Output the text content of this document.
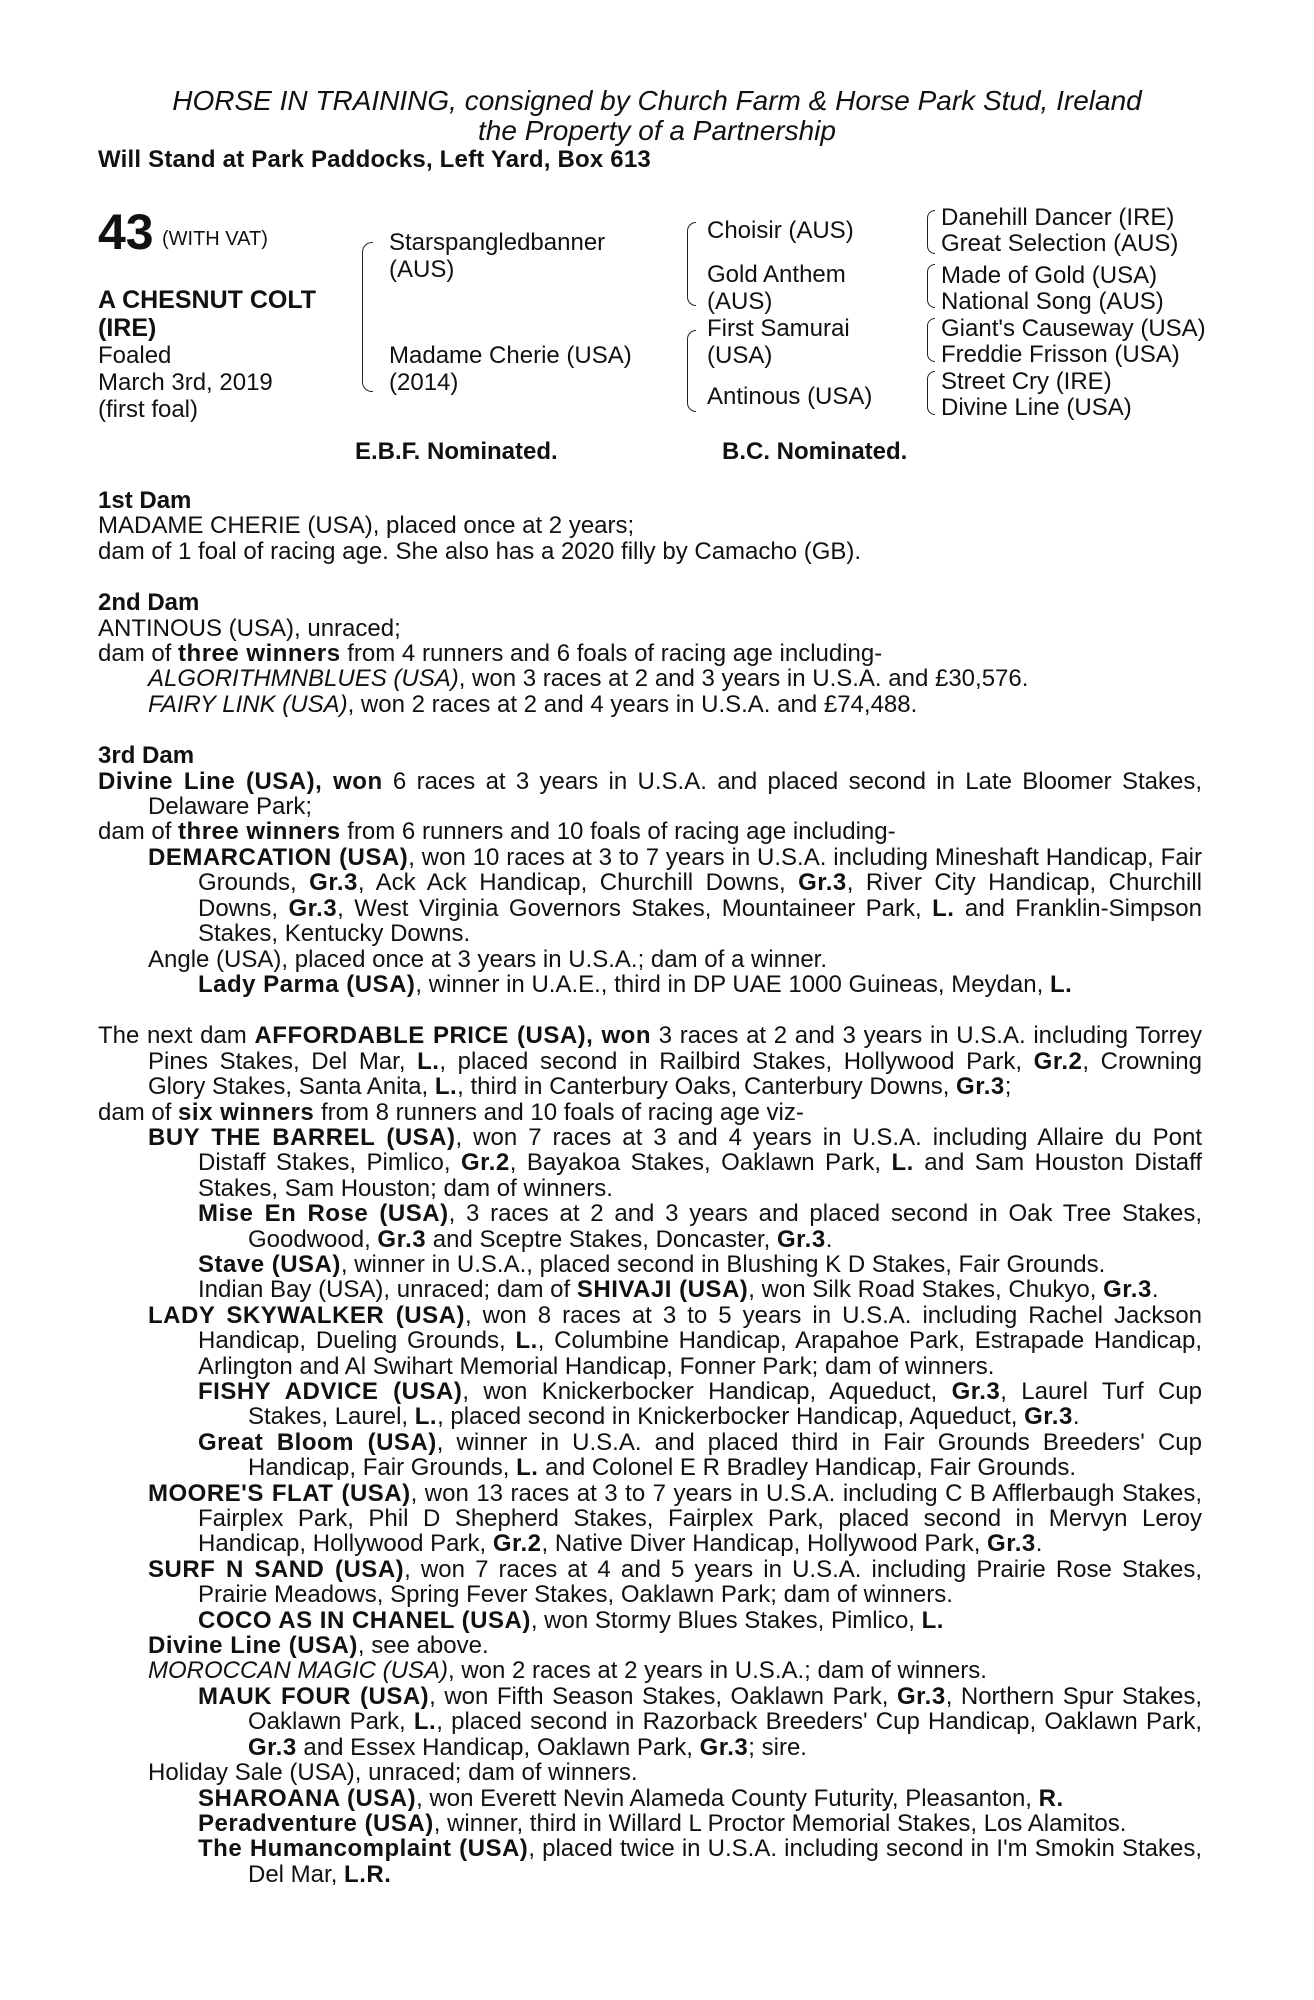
HORSE IN TRAINING, consigned by Church Farm & Horse Park Stud, Ireland
the Property of a Partnership
Will Stand at Park Paddocks, Left Yard, Box 613
43 (WITH VAT)
A CHESNUT COLT
(IRE)
Foaled
March 3rd, 2019
(first foal)
Starspangledbanner
(AUS)
Madame Cherie (USA)
(2014)
Choisir (AUS)
Gold Anthem
(AUS)
First Samurai
(USA)
Antinous (USA)
Danehill Dancer (IRE)
Great Selection (AUS)
Made of Gold (USA)
National Song (AUS)
Giant's Causeway (USA)
Freddie Frisson (USA)
Street Cry (IRE)
Divine Line (USA)
E.B.F. Nominated.	B.C. Nominated.

1st Dam

MADAME CHERIE (USA), placed once at 2 years;

dam of 1 foal of racing age. She also has a 2020 filly by Camacho (GB).

2nd Dam

ANTINOUS (USA), unraced;

dam of three winners from 4 runners and 6 foals of racing age including-

ALGORITHMNBLUES (USA), won 3 races at 2 and 3 years in U.S.A. and £30,576.

FAIRY LINK (USA), won 2 races at 2 and 4 years in U.S.A. and £74,488.

3rd Dam

Divine Line (USA), won 6 races at 3 years in U.S.A. and placed second in Late Bloomer Stakes, Delaware Park;

dam of three winners from 6 runners and 10 foals of racing age including-

DEMARCATION (USA), won 10 races at 3 to 7 years in U.S.A. including Mineshaft Handicap, Fair Grounds, Gr.3, Ack Ack Handicap, Churchill Downs, Gr.3, River City Handicap, Churchill Downs, Gr.3, West Virginia Governors Stakes, Mountaineer Park, L. and Franklin-Simpson Stakes, Kentucky Downs.

Angle (USA), placed once at 3 years in U.S.A.; dam of a winner.

Lady Parma (USA), winner in U.A.E., third in DP UAE 1000 Guineas, Meydan, L.

The next dam AFFORDABLE PRICE (USA), won 3 races at 2 and 3 years in U.S.A. including Torrey Pines Stakes, Del Mar, L., placed second in Railbird Stakes, Hollywood Park, Gr.2, Crowning Glory Stakes, Santa Anita, L., third in Canterbury Oaks, Canterbury Downs, Gr.3;

dam of six winners from 8 runners and 10 foals of racing age viz-

BUY THE BARREL (USA), won 7 races at 3 and 4 years in U.S.A. including Allaire du Pont Distaff Stakes, Pimlico, Gr.2, Bayakoa Stakes, Oaklawn Park, L. and Sam Houston Distaff Stakes, Sam Houston; dam of winners.

Mise En Rose (USA), 3 races at 2 and 3 years and placed second in Oak Tree Stakes, Goodwood, Gr.3 and Sceptre Stakes, Doncaster, Gr.3.

Stave (USA), winner in U.S.A., placed second in Blushing K D Stakes, Fair Grounds.

Indian Bay (USA), unraced; dam of SHIVAJI (USA), won Silk Road Stakes, Chukyo, Gr.3.

LADY SKYWALKER (USA), won 8 races at 3 to 5 years in U.S.A. including Rachel Jackson Handicap, Dueling Grounds, L., Columbine Handicap, Arapahoe Park, Estrapade Handicap, Arlington and Al Swihart Memorial Handicap, Fonner Park; dam of winners.

FISHY ADVICE (USA), won Knickerbocker Handicap, Aqueduct, Gr.3, Laurel Turf Cup Stakes, Laurel, L., placed second in Knickerbocker Handicap, Aqueduct, Gr.3.

Great Bloom (USA), winner in U.S.A. and placed third in Fair Grounds Breeders' Cup Handicap, Fair Grounds, L. and Colonel E R Bradley Handicap, Fair Grounds.

MOORE'S FLAT (USA), won 13 races at 3 to 7 years in U.S.A. including C B Afflerbaugh Stakes, Fairplex Park, Phil D Shepherd Stakes, Fairplex Park, placed second in Mervyn Leroy Handicap, Hollywood Park, Gr.2, Native Diver Handicap, Hollywood Park, Gr.3.

SURF N SAND (USA), won 7 races at 4 and 5 years in U.S.A. including Prairie Rose Stakes, Prairie Meadows, Spring Fever Stakes, Oaklawn Park; dam of winners.

COCO AS IN CHANEL (USA), won Stormy Blues Stakes, Pimlico, L.

Divine Line (USA), see above.

MOROCCAN MAGIC (USA), won 2 races at 2 years in U.S.A.; dam of winners.

MAUK FOUR (USA), won Fifth Season Stakes, Oaklawn Park, Gr.3, Northern Spur Stakes, Oaklawn Park, L., placed second in Razorback Breeders' Cup Handicap, Oaklawn Park, Gr.3 and Essex Handicap, Oaklawn Park, Gr.3; sire.

Holiday Sale (USA), unraced; dam of winners.

SHAROANA (USA), won Everett Nevin Alameda County Futurity, Pleasanton, R.

Peradventure (USA), winner, third in Willard L Proctor Memorial Stakes, Los Alamitos.

The Humancomplaint (USA), placed twice in U.S.A. including second in I'm Smokin Stakes, Del Mar, L.R.
